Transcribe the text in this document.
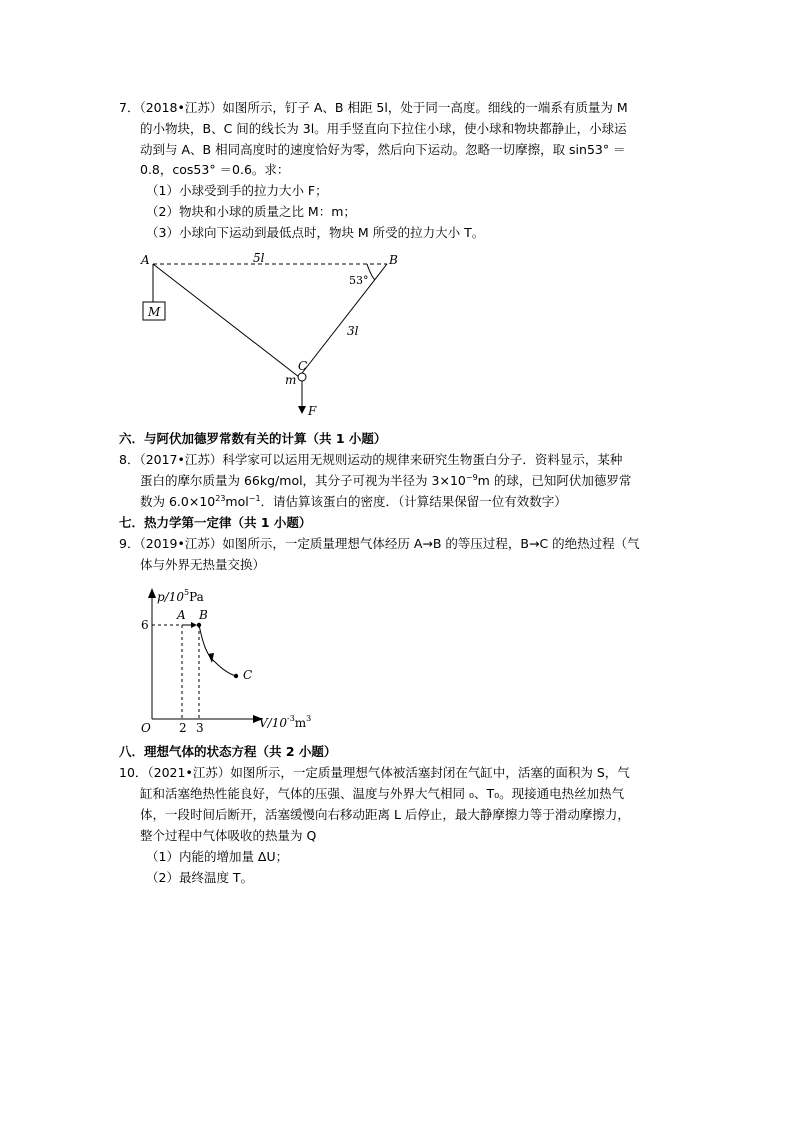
7．（2018•江苏）如图所示，钉子 A、B 相距 5l，处于同一高度。细线的一端系有质量为 M
的小物块，B、C 间的线长为 3l。用手竖直向下拉住小球，使小球和物块都静止，小球运
动到与 A、B 相同高度时的速度恰好为零，然后向下运动。忽略一切摩擦，取 sin53° ＝
0.8，cos53° ＝0.6。求：
（1）小球受到手的拉力大小 F；
（2）物块和小球的质量之比 M：m；
（3）小球向下运动到最低点时，物块 M 所受的拉力大小 T。
A	B
5l
53°
M
3l
C
m
F
六．与阿伏加德罗常数有关的计算（共 1 小题）
8．（2017•江苏）科学家可以运用无规则运动的规律来研究生物蛋白分子．资料显示，某种
蛋白的摩尔质量为 66kg/mol，其分子可视为半径为 $3\times 10^{-9}m$ 的球，已知阿伏加德罗常
数为 $6.0\times 10^{23}mol^{-1}$．请估算该蛋白的密度．（计算结果保留一位有效数字）
七．热力学第一定律（共 1 小题）
9．（2019•江苏）如图所示，一定质量理想气体经历 A→B 的等压过程，B→C 的绝热过程（气
体与外界无热量交换）
$p/10^5Pa$
A B
6
C
O 2 3	$V/10^{-3}m^3$
八．理想气体的状态方程（共 2 小题）
10．（2021•江苏）如图所示，一定质量理想气体被活塞封闭在气缸中，活塞的面积为 S，气
缸和活塞绝热性能良好，气体的压强、温度与外界大气相同 ₀、T₀。现接通电热丝加热气
体，一段时间后断开，活塞缓慢向右移动距离 L 后停止，最大静摩擦力等于滑动摩擦力，
整个过程中气体吸收的热量为 Q
（1）内能的增加量 ΔU；
（2）最终温度 T。
